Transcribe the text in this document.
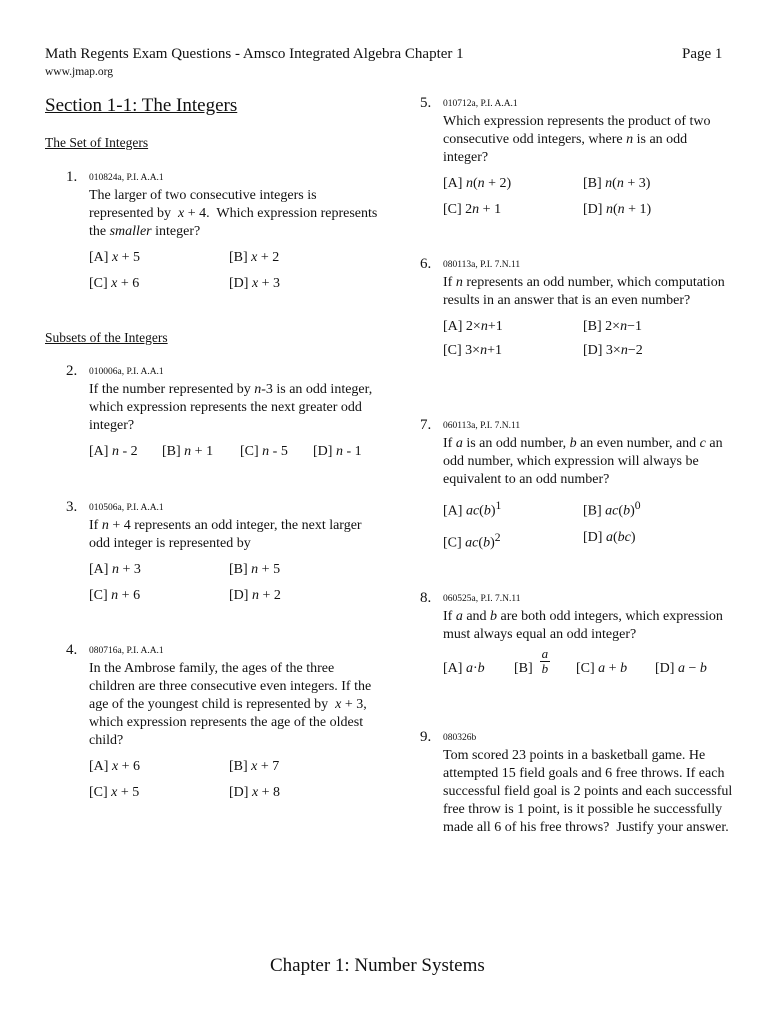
Math Regents Exam Questions - Amsco Integrated Algebra Chapter 1	Page 1
www.jmap.org
Section 1-1: The Integers
The Set of Integers
Subsets of the Integers
1. 010824a, P.I. A.A.1
The larger of two consecutive integers is represented by  x + 4.  Which expression represents the smaller integer?
[A] x + 5	[B] x + 2
[C] x + 6	[D] x + 3
2. 010006a, P.I. A.A.1
If the number represented by n-3 is an odd integer, which expression represents the next greater odd integer?
[A] n - 2 [B] n + 1 [C] n - 5 [D] n - 1
3. 010506a, P.I. A.A.1
If n + 4 represents an odd integer, the next larger odd integer is represented by
[A] n + 3	[B] n + 5
[C] n + 6	[D] n + 2
4. 080716a, P.I. A.A.1
In the Ambrose family, the ages of the three children are three consecutive even integers. If the age of the youngest child is represented by  x + 3,  which expression represents the age of the oldest child?
[A] x + 6	[B] x + 7
[C] x + 5	[D] x + 8
5. 010712a, P.I. A.A.1
Which expression represents the product of two consecutive odd integers, where n is an odd integer?
[A] n(n + 2)	[B] n(n + 3)
[C] 2n + 1	[D] n(n + 1)
6. 080113a, P.I. 7.N.11
If n represents an odd number, which computation results in an answer that is an even number?
[A] 2×n+1	[B] 2×n−1
[C] 3×n+1	[D] 3×n−2
7. 060113a, P.I. 7.N.11
If a is an odd number, b an even number, and c an odd number, which expression will always be equivalent to an odd number?
[A] $ac(b)^1$	[B] $ac(b)^0$
[C] $ac(b)^2$	[D] a(bc)
8. 060525a, P.I. 7.N.11
If a and b are both odd integers, which expression must always equal an odd integer?
[A] a·b $[B] \frac{a}{b} [C] a + b$ [D] a − b
9. 080326b
Tom scored 23 points in a basketball game. He attempted 15 field goals and 6 free throws. If each successful field goal is 2 points and each successful free throw is 1 point, is it possible he successfully made all 6 of his free throws?  Justify your answer.
Chapter 1: Number Systems
